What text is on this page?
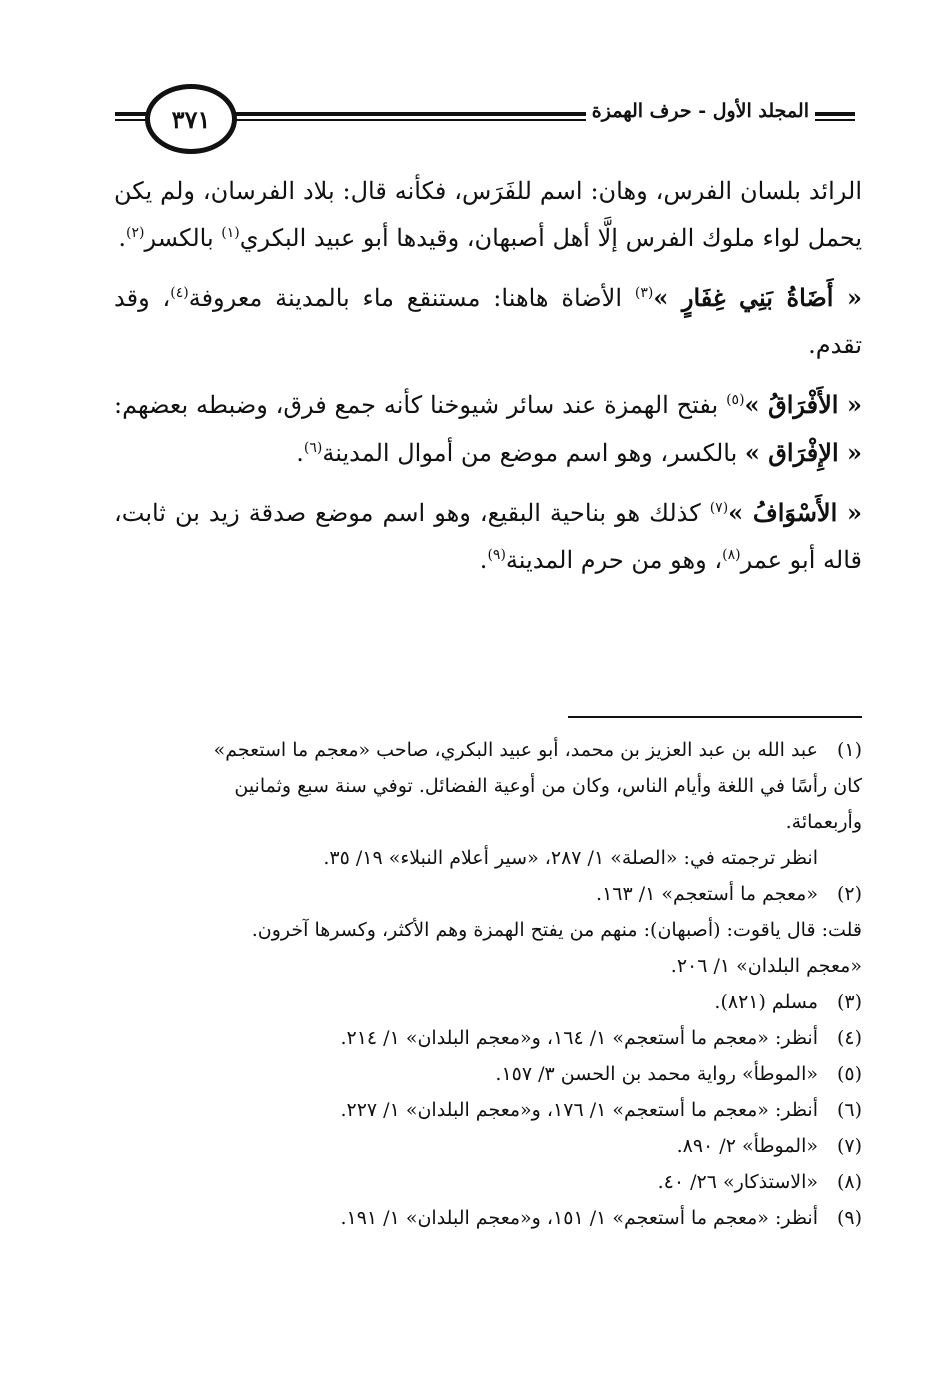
المجلد الأول - حرف الهمزة
٣٧١

الرائد بلسان الفرس، وهان: اسم للفَرَس، فكأنه قال: بلاد الفرسان، ولم يكن يحمل لواء ملوك الفرس إلَّا أهل أصبهان، وقيدها أبو عبيد البكري$^{(١)}$ بالكسر$^{(٢)}$.

« أَضَاةُ بَنِي غِفَارٍ »$^{(٣)}$ الأضاة هاهنا: مستنقع ماء بالمدينة معروفة$^{(٤)}$، وقد تقدم.

« الأَفْرَاقُ »$^{(٥)}$ بفتح الهمزة عند سائر شيوخنا كأنه جمع فرق، وضبطه بعضهم: « الإِفْرَاق » بالكسر، وهو اسم موضع من أموال المدينة$^{(٦)}$.

« الأَسْوَافُ »$^{(٧)}$ كذلك هو بناحية البقيع، وهو اسم موضع صدقة زيد بن ثابت، قاله أبو عمر$^{(٨)}$، وهو من حرم المدينة$^{(٩)}$.

(١)
عبد الله بن عبد العزيز بن محمد، أبو عبيد البكري، صاحب «معجم ما استعجم»
كان رأسًا في اللغة وأيام الناس، وكان من أوعية الفضائل. توفي سنة سبع وثمانين
وأربعمائة.
انظر ترجمته في: «الصلة» ١/ ٢٨٧، «سير أعلام النبلاء» ١٩/ ٣٥.
(٢)
«معجم ما أستعجم» ١/ ١٦٣.
قلت: قال ياقوت: (أصبهان): منهم من يفتح الهمزة وهم الأكثر، وكسرها آخرون.
«معجم البلدان» ١/ ٢٠٦.
(٣)
مسلم (٨٢١).
(٤)
أنظر: «معجم ما أستعجم» ١/ ١٦٤، و«معجم البلدان» ١/ ٢١٤.
(٥)
«الموطأ» رواية محمد بن الحسن ٣/ ١٥٧.
(٦)
أنظر: «معجم ما أستعجم» ١/ ١٧٦، و«معجم البلدان» ١/ ٢٢٧.
(٧)
«الموطأ» ٢/ ٨٩٠.
(٨)
«الاستذكار» ٢٦/ ٤٠.
(٩)
أنظر: «معجم ما أستعجم» ١/ ١٥١، و«معجم البلدان» ١/ ١٩١.
